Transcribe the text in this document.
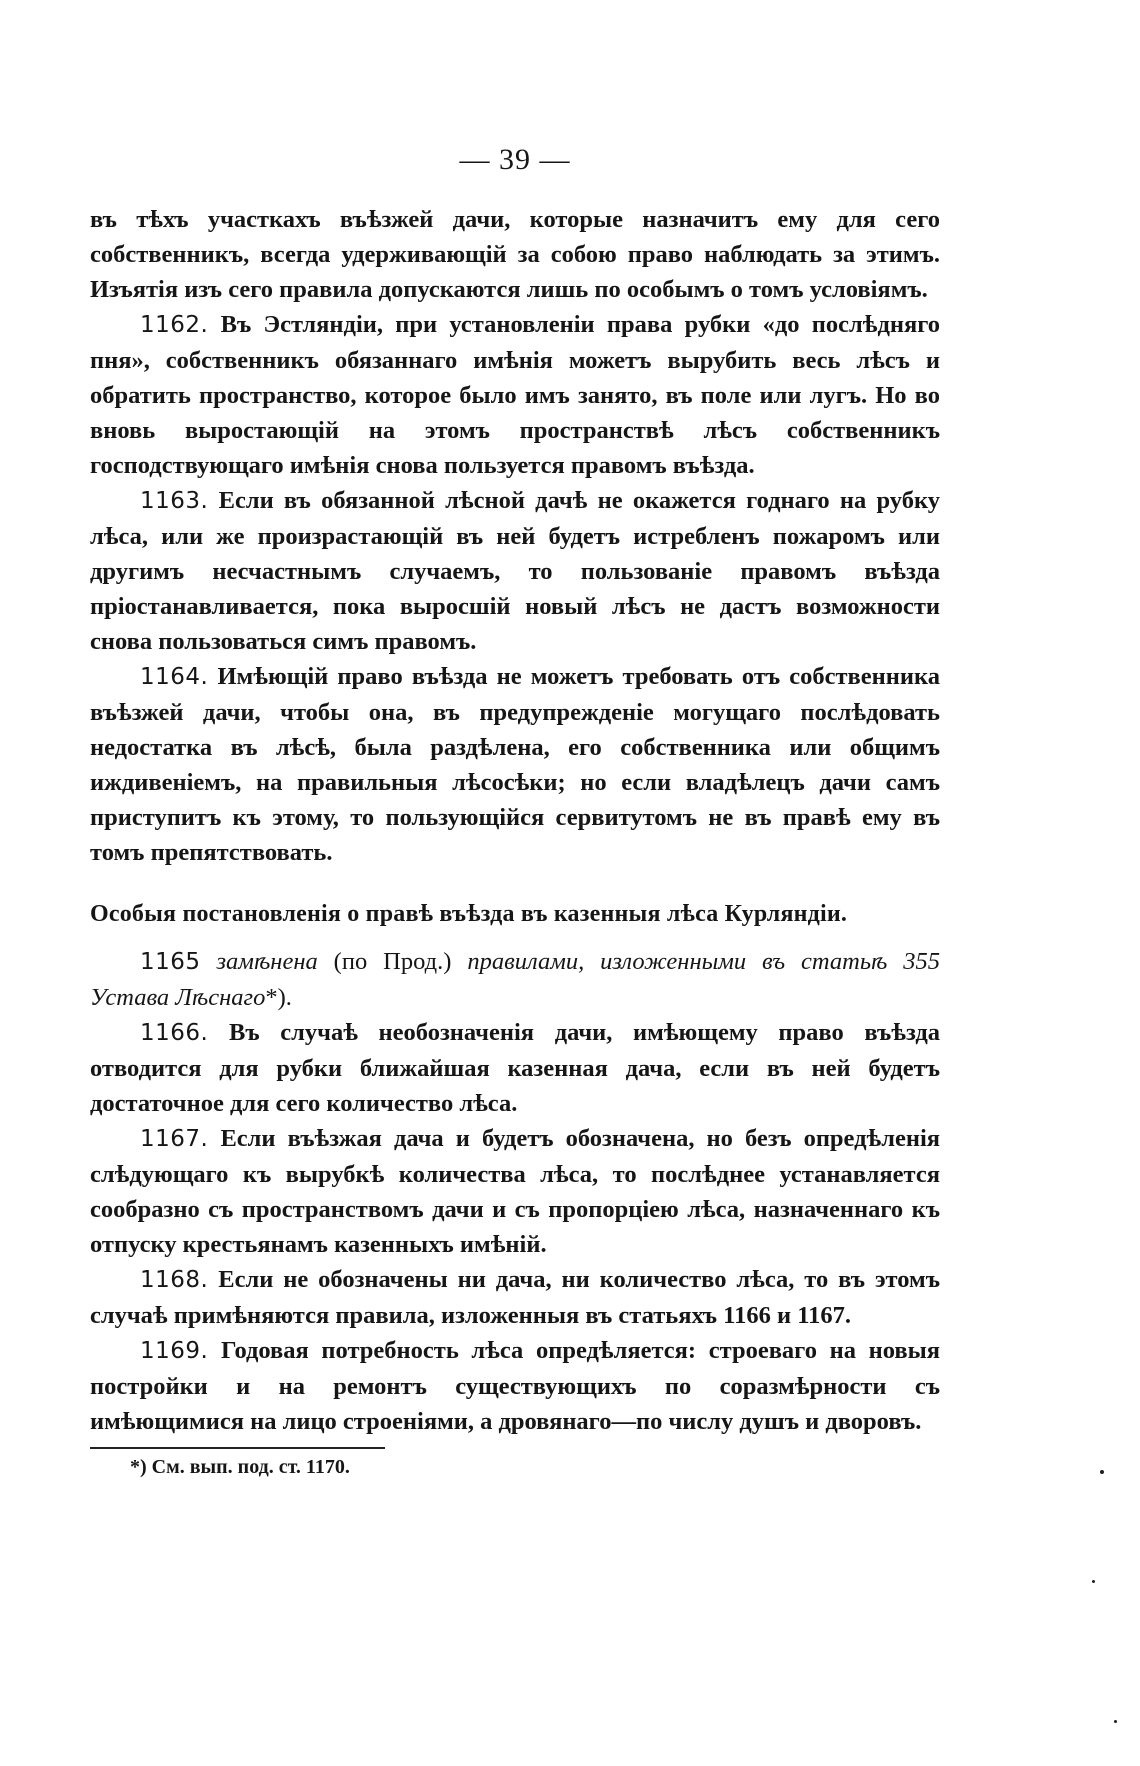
— 39 —

въ тѣхъ участкахъ въѣзжей дачи, которые назначитъ ему для сего собственникъ, всегда удерживающій за собою право наблюдать за этимъ. Изъятія изъ сего правила допускаются лишь по особымъ о томъ условіямъ.

1162. Въ Эстляндіи, при установленіи права рубки «до послѣдняго пня», собственникъ обязаннаго имѣнія можетъ вырубить весь лѣсъ и обратить пространство, которое было имъ занято, въ поле или лугъ. Но во вновь выростающій на этомъ пространствѣ лѣсъ собственникъ господствующаго имѣнія снова пользуется правомъ въѣзда.

1163. Если въ обязанной лѣсной дачѣ не окажется годнаго на рубку лѣса, или же произрастающій въ ней будетъ истребленъ пожаромъ или другимъ несчастнымъ случаемъ, то пользованіе правомъ въѣзда пріостанавливается, пока выросшій новый лѣсъ не дастъ возможности снова пользоваться симъ правомъ.

1164. Имѣющій право въѣзда не можетъ требовать отъ собственника въѣзжей дачи, чтобы она, въ предупрежденіе могущаго послѣдовать недостатка въ лѣсѣ, была раздѣлена, его собственника или общимъ иждивеніемъ, на правильныя лѣсосѣки; но если владѣлецъ дачи самъ приступитъ къ этому, то пользующійся сервитутомъ не въ правѣ ему въ томъ препятствовать.

Особыя постановленія о правѣ въѣзда въ казенныя лѣса Курляндіи.

1165 замѣнена (по Прод.) правилами, изложенными въ статьѣ 355 Устава Лѣснаго*).

1166. Въ случаѣ необозначенія дачи, имѣющему право въѣзда отводится для рубки ближайшая казенная дача, если въ ней будетъ достаточное для сего количество лѣса.

1167. Если въѣзжая дача и будетъ обозначена, но безъ опредѣленія слѣдующаго къ вырубкѣ количества лѣса, то послѣднее устанавляется сообразно съ пространствомъ дачи и съ пропорціею лѣса, назначеннаго къ отпуску крестьянамъ казенныхъ имѣній.

1168. Если не обозначены ни дача, ни количество лѣса, то въ этомъ случаѣ примѣняются правила, изложенныя въ статьяхъ 1166 и 1167.

1169. Годовая потребность лѣса опредѣляется: строеваго на новыя постройки и на ремонтъ существующихъ по соразмѣрности съ имѣющимися на лицо строеніями, а дровянаго—по числу душъ и дворовъ.

*) См. вып. под. ст. 1170.
